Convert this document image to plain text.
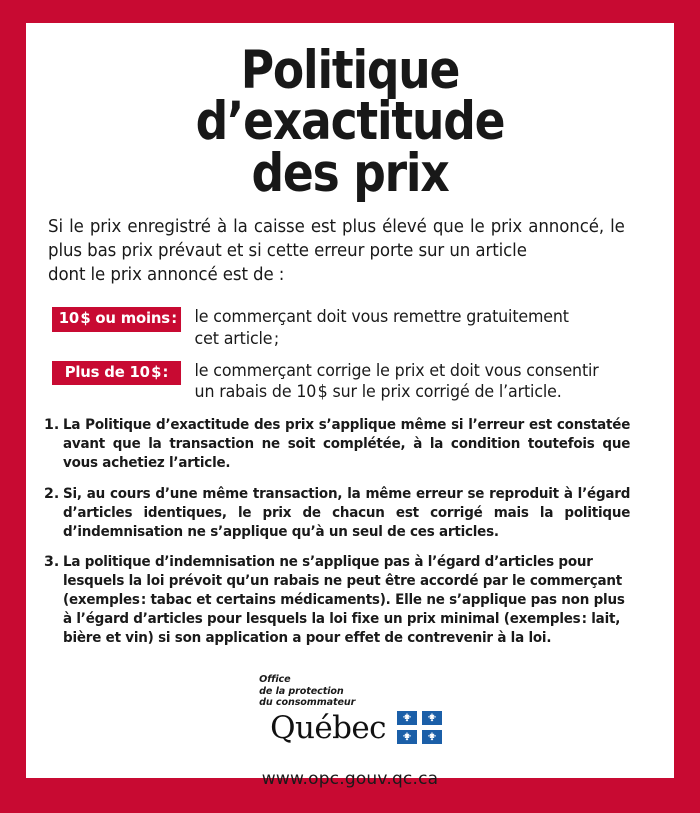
Politique
d’exactitude
des prix
Si le prix enregistré à la caisse est plus élevé que le prix annoncé, le plus bas prix prévaut et si cette erreur porte sur un article
dont le prix annoncé est de :
10 $ ou moins : le commerçant doit vous remettre gratuitement
cet article ;
Plus de 10 $ :	le commerçant corrige le prix et doit vous consentir
un rabais de 10 $ sur le prix corrigé de l’article.
1. La Politique d’exactitude des prix s’applique même si l’erreur est constatée avant que la transaction ne soit complétée, à la condition toutefois que vous achetiez l’article.
2. Si, au cours d’une même transaction, la même erreur se reproduit à l’égard d’articles identiques, le prix de chacun est corrigé mais la politique d’indemnisation ne s’applique qu’à un seul de ces articles.
3. La politique d’indemnisation ne s’applique pas à l’égard d’articles pour lesquels la loi prévoit qu’un rabais ne peut être accordé par le commerçant (exemples : tabac et certains médicaments). Elle ne s’applique pas non plus à l’égard d’articles pour lesquels la loi fixe un prix minimal (exemples : lait, bière et vin) si son application a pour effet de contrevenir à la loi.
Office
de la protection
du consommateur
Québec
www.opc.gouv.qc.ca
